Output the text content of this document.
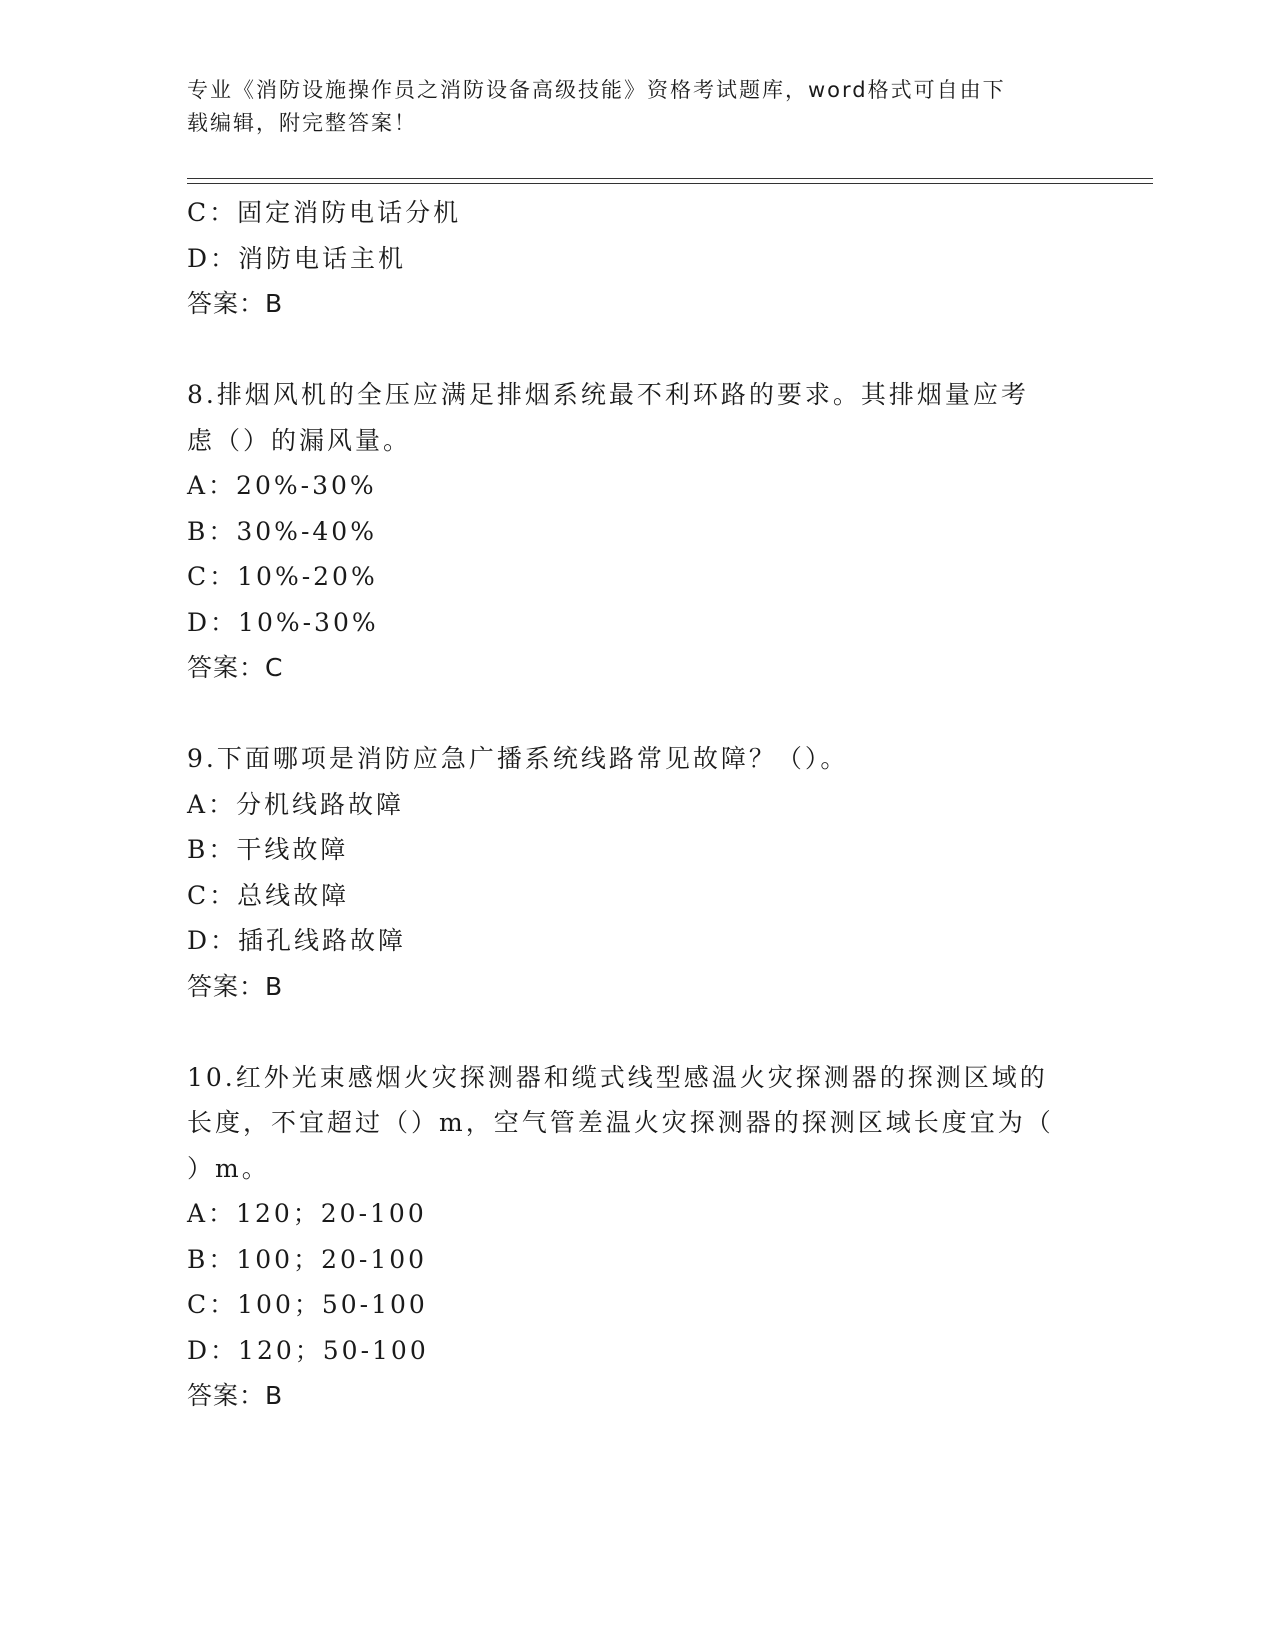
专业《消防设施操作员之消防设备高级技能》资格考试题库，word格式可自由下
载编辑，附完整答案！
C：固定消防电话分机
D：消防电话主机
答案：B
8.排烟风机的全压应满足排烟系统最不利环路的要求。其排烟量应考
虑（）的漏风量。
A：20%-30%
B：30%-40%
C：10%-20%
D：10%-30%
答案：C
9.下面哪项是消防应急广播系统线路常见故障？（）。
A：分机线路故障
B：干线故障
C：总线故障
D：插孔线路故障
答案：B
10.红外光束感烟火灾探测器和缆式线型感温火灾探测器的探测区域的
长度，不宜超过（）m，空气管差温火灾探测器的探测区域长度宜为（
）m。
A：120；20-100
B：100；20-100
C：100；50-100
D：120；50-100
答案：B
